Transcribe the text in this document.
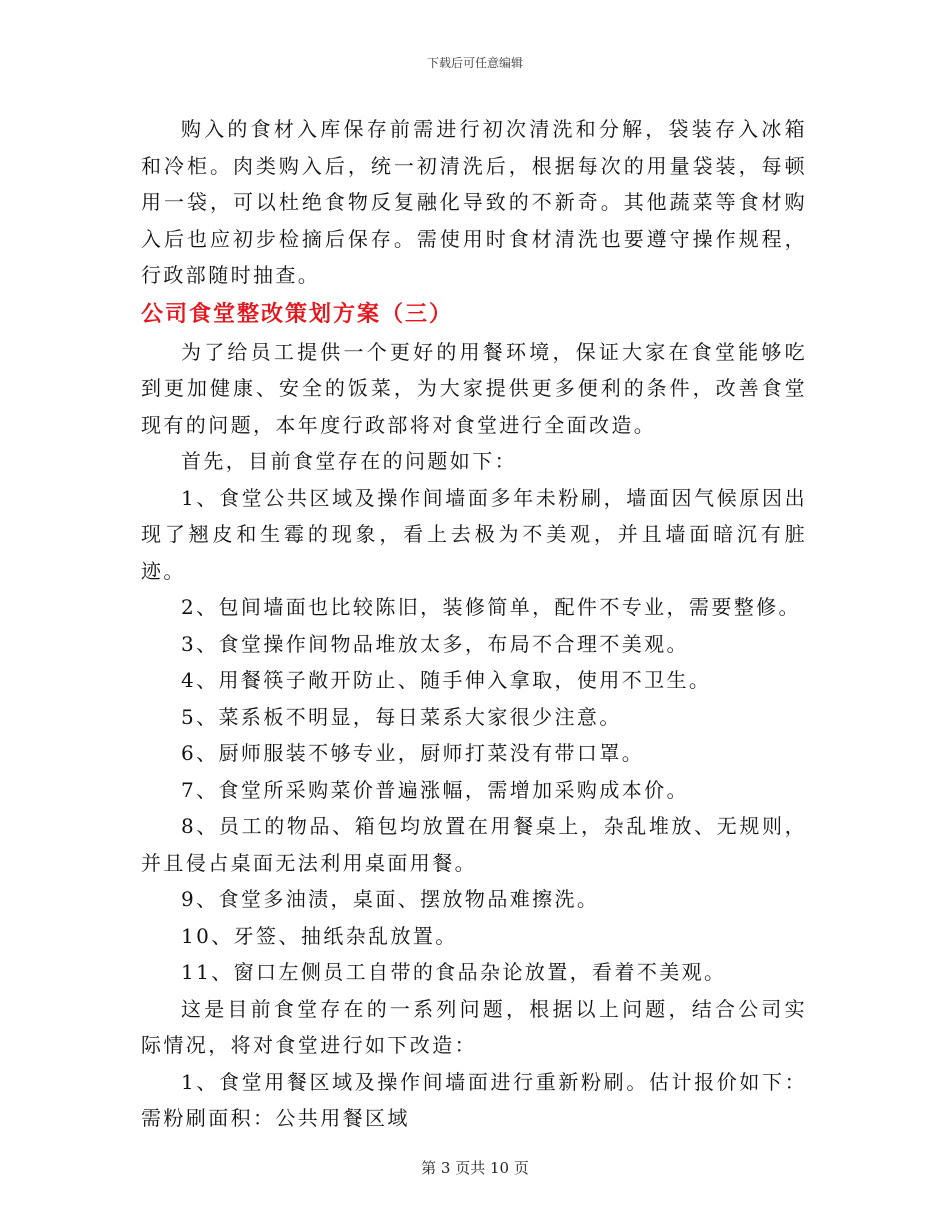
下载后可任意编辑

购入的食材入库保存前需进行初次清洗和分解，袋装存入冰箱和冷柜。肉类购入后，统一初清洗后，根据每次的用量袋装，每顿用一袋，可以杜绝食物反复融化导致的不新奇。其他蔬菜等食材购入后也应初步检摘后保存。需使用时食材清洗也要遵守操作规程，行政部随时抽查。

公司食堂整改策划方案（三）

为了给员工提供一个更好的用餐环境，保证大家在食堂能够吃到更加健康、安全的饭菜，为大家提供更多便利的条件，改善食堂现有的问题，本年度行政部将对食堂进行全面改造。

首先，目前食堂存在的问题如下：

1、食堂公共区域及操作间墙面多年未粉刷，墙面因气候原因出现了翘皮和生霉的现象，看上去极为不美观，并且墙面暗沉有脏迹。

2、包间墙面也比较陈旧，装修简单，配件不专业，需要整修。

3、食堂操作间物品堆放太多，布局不合理不美观。

4、用餐筷子敞开防止、随手伸入拿取，使用不卫生。

5、菜系板不明显，每日菜系大家很少注意。

6、厨师服装不够专业，厨师打菜没有带口罩。

7、食堂所采购菜价普遍涨幅，需增加采购成本价。

8、员工的物品、箱包均放置在用餐桌上，杂乱堆放、无规则，并且侵占桌面无法利用桌面用餐。

9、食堂多油渍，桌面、摆放物品难擦洗。

10、牙签、抽纸杂乱放置。

11、窗口左侧员工自带的食品杂论放置，看着不美观。

这是目前食堂存在的一系列问题，根据以上问题，结合公司实际情况，将对食堂进行如下改造：

1、食堂用餐区域及操作间墙面进行重新粉刷。估计报价如下：需粉刷面积：公共用餐区域

第 3 页共 10 页
